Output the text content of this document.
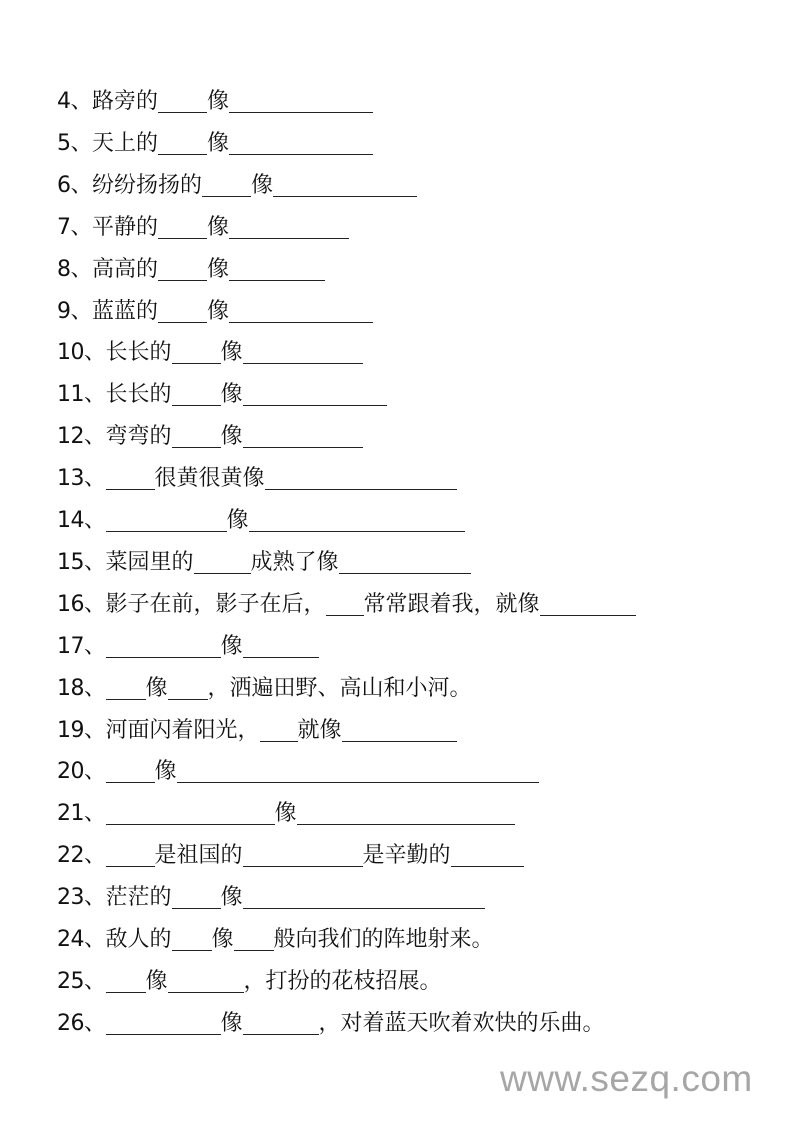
4、 路旁的 像
5、 天上的 像
6、 纷纷扬扬的 像
7、 平静的 像
8、 高高的 像
9、 蓝蓝的 像
10、 长长的 像
11、 长长的 像
12、 弯弯的 像
13、 很黄很黄像
14、	像
15、 菜园里的	成熟了像
16、 影子在前，影子在后， 常常跟着我，就像
17、	像
18、 像 ，洒遍田野、高山和小河。
19、 河面闪着阳光， 就像
20、 像
21、	像
22、 是祖国的	是辛勤的
23、 茫茫的 像
24、 敌人的 像 般向我们的阵地射来。
25、 像	，打扮的花枝招展。
26、	像	，对着蓝天吹着欢快的乐曲。
www.sezq.com
